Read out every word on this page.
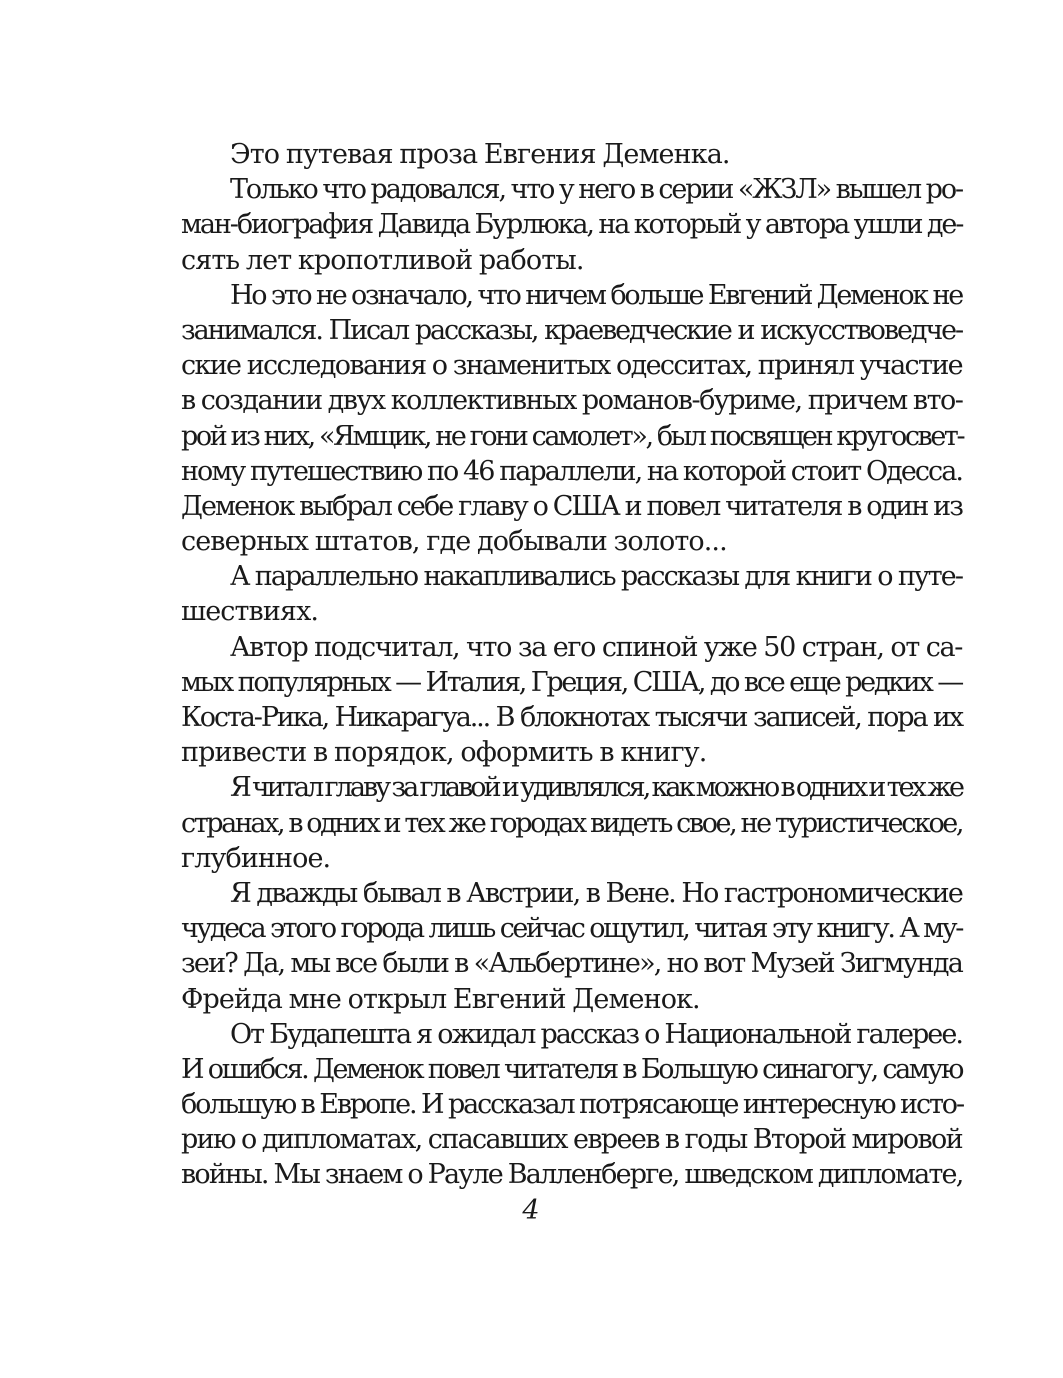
Это путевая проза Евгения Деменка.
Только что радовался, что у него в серии «ЖЗЛ» вышел ро-
ман-биография Давида Бурлюка, на который у автора ушли де-
сять лет кропотливой работы.
Но это не означало, что ничем больше Евгений Деменок не
занимался. Писал рассказы, краеведческие и искусствоведче-
ские исследования о знаменитых одесситах, принял участие
в создании двух коллективных романов-буриме, причем вто-
рой из них, «Ямщик, не гони самолет», был посвящен кругосвет-
ному путешествию по 46 параллели, на которой стоит Одесса.
Деменок выбрал себе главу о США и повел читателя в один из
северных штатов, где добывали золото...
А параллельно накапливались рассказы для книги о путе-
шествиях.
Автор подсчитал, что за его спиной уже 50 стран, от са-
мых популярных — Италия, Греция, США, до все еще редких —
Коста-Рика, Никарагуа... В блокнотах тысячи записей, пора их
привести в порядок, оформить в книгу.
Я читал главу за главой и удивлялся, как можно в одних и тех же
странах, в одних и тех же городах видеть свое, не туристическое,
глубинное.
Я дважды бывал в Австрии, в Вене. Но гастрономические
чудеса этого города лишь сейчас ощутил, читая эту книгу. А му-
зеи? Да, мы все были в «Альбертине», но вот Музей Зигмунда
Фрейда мне открыл Евгений Деменок.
От Будапешта я ожидал рассказ о Национальной галерее.
И ошибся. Деменок повел читателя в Большую синагогу, самую
большую в Европе. И рассказал потрясающе интересную исто-
рию о дипломатах, спасавших евреев в годы Второй мировой
войны. Мы знаем о Рауле Валленберге, шведском дипломате,
4
